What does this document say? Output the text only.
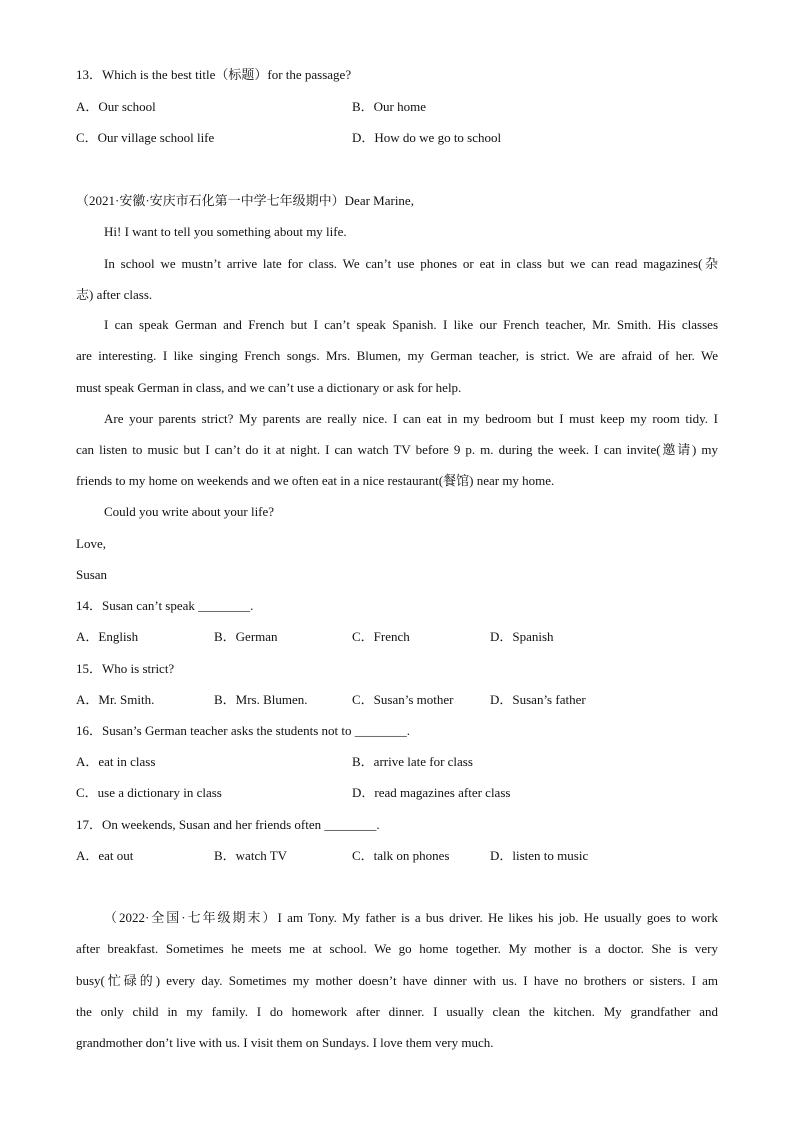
13．Which is the best title（标题）for the passage?
A．Our school	B．Our home
C．Our village school life	D．How do we go to school
（2021·安徽·安庆市石化第一中学七年级期中）Dear Marine,
Hi! I want to tell you something about my life.
In school we mustn’t arrive late for class. We can’t use phones or eat in class but we can read magazines(杂
志) after class.
I can speak German and French but I can’t speak Spanish. I like our French teacher, Mr. Smith. His classes
are interesting. I like singing French songs. Mrs. Blumen, my German teacher, is strict. We are afraid of her. We
must speak German in class, and we can’t use a dictionary or ask for help.
Are your parents strict? My parents are really nice. I can eat in my bedroom but I must keep my room tidy. I
can listen to music but I can’t do it at night. I can watch TV before 9 p. m. during the week. I can invite(邀请) my
friends to my home on weekends and we often eat in a nice restaurant(餐馆) near my home.
Could you write about your life?
Love,
Susan
14．Susan can’t speak ________.
A．English	B．German	C．French	D．Spanish
15．Who is strict?
A．Mr. Smith.	B．Mrs. Blumen.	C．Susan’s mother	D．Susan’s father
16．Susan’s German teacher asks the students not to ________.
A．eat in class	B．arrive late for class
C．use a dictionary in class	D．read magazines after class
17．On weekends, Susan and her friends often ________.
A．eat out	B．watch TV	C．talk on phones	D．listen to music
（2022·全国·七年级期末）I am Tony. My father is a bus driver. He likes his job. He usually goes to work
after breakfast. Sometimes he meets me at school. We go home together. My mother is a doctor. She is very
busy(忙碌的) every day. Sometimes my mother doesn’t have dinner with us. I have no brothers or sisters. I am
the only child in my family. I do homework after dinner. I usually clean the kitchen. My grandfather and
grandmother don’t live with us. I visit them on Sundays. I love them very much.
